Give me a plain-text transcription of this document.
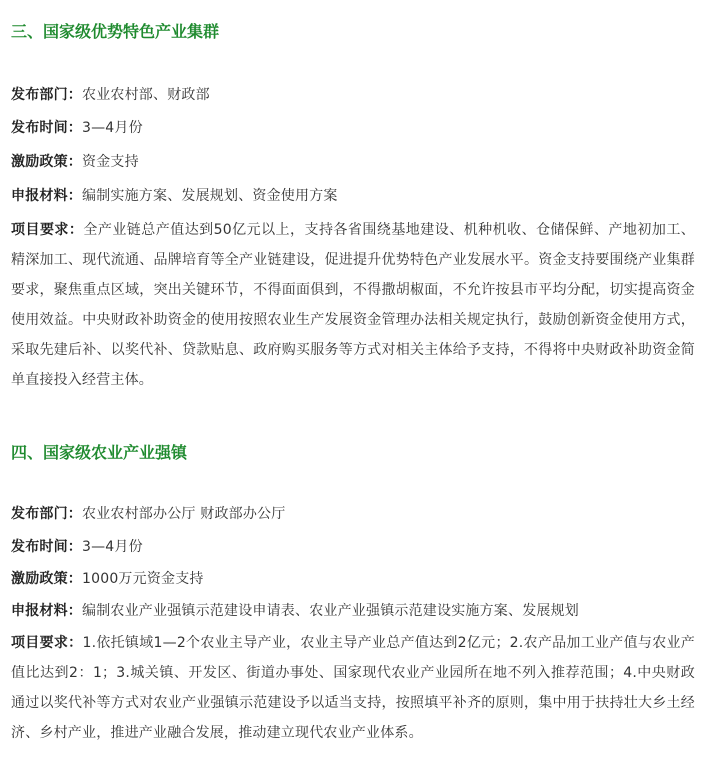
三、国家级优势特色产业集群
发布部门：农业农村部、财政部
发布时间：3—4月份
激励政策：资金支持
申报材料：编制实施方案、发展规划、资金使用方案
项目要求：全产业链总产值达到50亿元以上，支持各省围绕基地建设、机种机收、仓储保鲜、产地初加工、精深加工、现代流通、品牌培育等全产业链建设，促进提升优势特色产业发展水平。资金支持要围绕产业集群要求，聚焦重点区域，突出关键环节，不得面面俱到，不得撒胡椒面，不允许按县市平均分配，切实提高资金使用效益。中央财政补助资金的使用按照农业生产发展资金管理办法相关规定执行，鼓励创新资金使用方式，采取先建后补、以奖代补、贷款贴息、政府购买服务等方式对相关主体给予支持，不得将中央财政补助资金简单直接投入经营主体。
四、国家级农业产业强镇
发布部门：农业农村部办公厅 财政部办公厅
发布时间：3—4月份
激励政策：1000万元资金支持
申报材料：编制农业产业强镇示范建设申请表、农业产业强镇示范建设实施方案、发展规划
项目要求：1.依托镇域1—2个农业主导产业，农业主导产业总产值达到2亿元；2.农产品加工业产值与农业产值比达到2：1；3.城关镇、开发区、街道办事处、国家现代农业产业园所在地不列入推荐范围；4.中央财政通过以奖代补等方式对农业产业强镇示范建设予以适当支持，按照填平补齐的原则，集中用于扶持壮大乡土经济、乡村产业，推进产业融合发展，推动建立现代农业产业体系。
